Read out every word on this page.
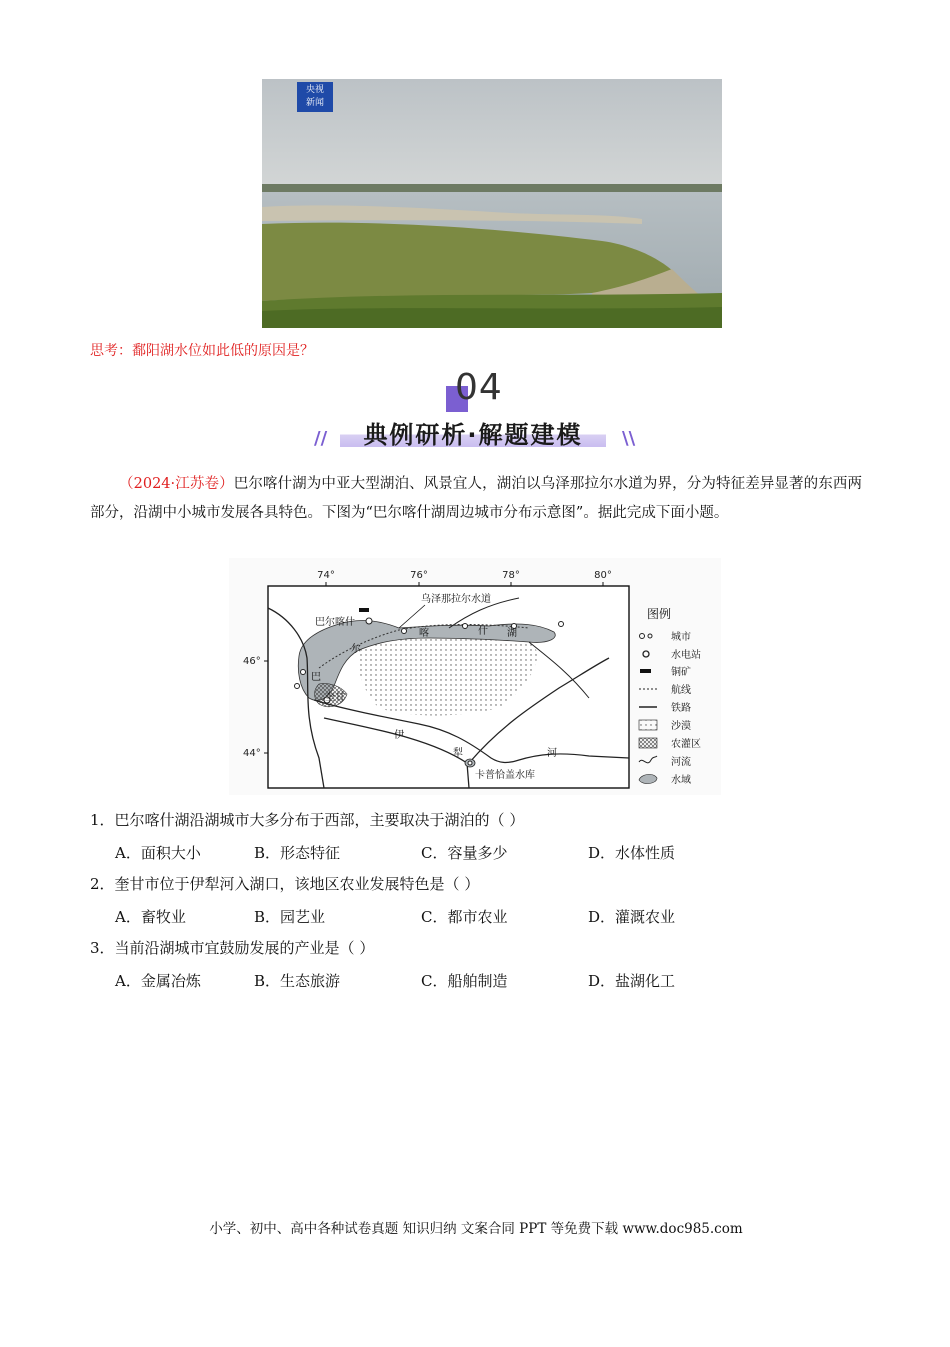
央视
新闻
思考：鄱阳湖水位如此低的原因是？
04
典例研析·解题建模
//	\\
（2024·江苏卷）巴尔喀什湖为中亚大型湖泊、风景宜人，湖泊以乌泽那拉尔水道为界，分为特征差异显著的东西两部分，沿湖中小城市发展各具特色。下图为“巴尔喀什湖周边城市分布示意图”。据此完成下面小题。
74°	76°	78°	80°
46°
44°
乌泽那拉尔水道
巴尔喀什
巴
尔
喀	什 湖
奎甘
伊
犁	河
卡普恰盖水库
图例
城市
水电站
铜矿
航线
铁路
沙漠
农灌区
河流
水域
1．巴尔喀什湖沿湖城市大多分布于西部，主要取决于湖泊的（ ）
A．面积大小	B．形态特征	C．容量多少	D．水体性质
2．奎甘市位于伊犁河入湖口，该地区农业发展特色是（ ）
A．畜牧业	B．园艺业	C．都市农业	D．灌溉农业
3．当前沿湖城市宜鼓励发展的产业是（ ）
A．金属冶炼	B．生态旅游	C．船舶制造	D．盐湖化工
小学、初中、高中各种试卷真题 知识归纳 文案合同 PPT 等免费下载 www.doc985.com
